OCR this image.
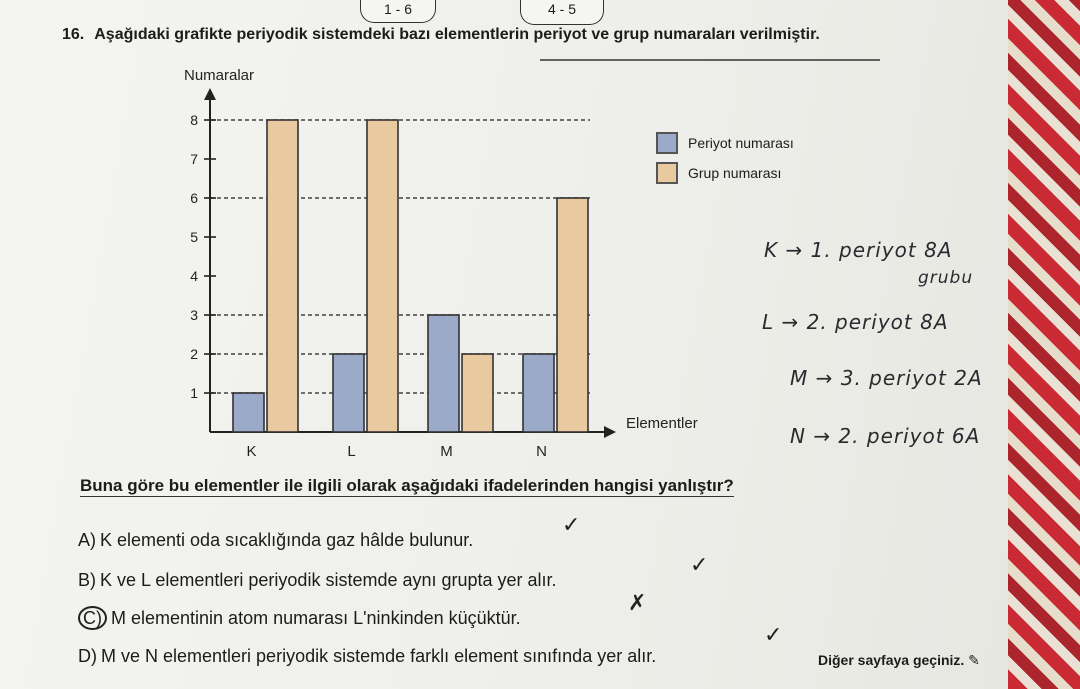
1 - 6	4 - 5
16. Aşağıdaki grafikte periyodik sistemdeki bazı elementlerin periyot ve grup numaraları verilmiştir.
1
2
3
4
5
6
7
8
Numaralar
Elementler
K	L	M	N
Periyot numarası
Grup numarası
K → 1. periyot 8A
grubu
L → 2. periyot 8A
M → 3. periyot 2A
N → 2. periyot 6A
Buna göre bu elementler ile ilgili olarak aşağıdaki ifadelerinden hangisi yanlıştır?
A) K elementi oda sıcaklığında gaz hâlde bulunur.
✓
B) K ve L elementleri periyodik sistemde aynı grupta yer alır.
✓
C) M elementinin atom numarası L'ninkinden küçüktür.
✗
D) M ve N elementleri periyodik sistemde farklı element sınıfında yer alır.
✓
Diğer sayfaya geçiniz. ✎
